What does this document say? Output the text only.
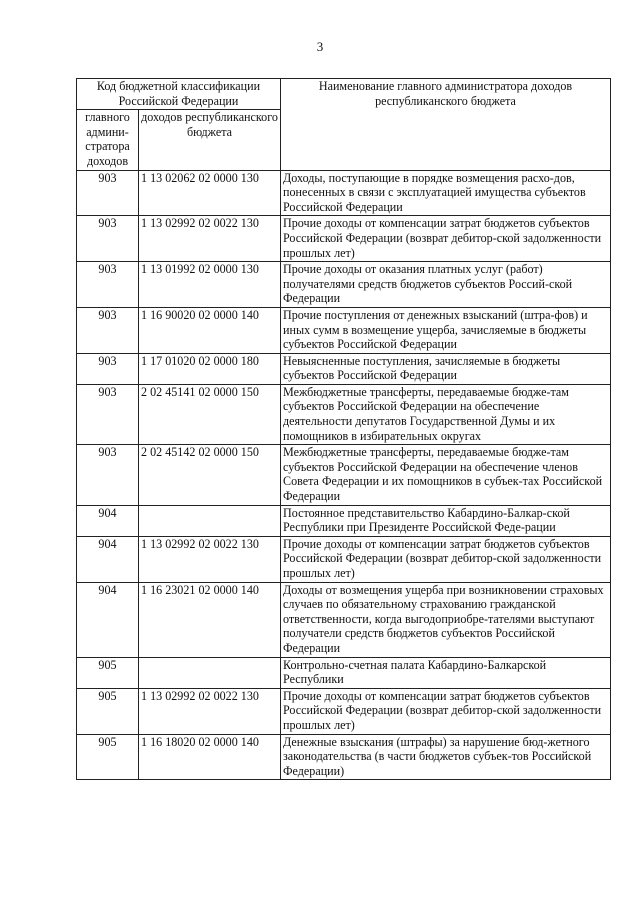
3
Код бюджетной классификации Российской Федерации		Наименование главного администратора доходов республиканского бюджета
главного админи-стратора доходов	доходов республиканского бюджета	
903	1 13 02062 02 0000 130	Доходы, поступающие в порядке возмещения расхо-дов, понесенных в связи с эксплуатацией имущества субъектов Российской Федерации
903	1 13 02992 02 0022 130	Прочие доходы от компенсации затрат бюджетов субъектов Российской Федерации (возврат дебитор-ской задолженности прошлых лет)
903	1 13 01992 02 0000 130	Прочие доходы от оказания платных услуг (работ) получателями средств бюджетов субъектов Россий-ской Федерации
903	1 16 90020 02 0000 140	Прочие поступления от денежных взысканий (штра-фов) и иных сумм в возмещение ущерба, зачисляемые в бюджеты субъектов Российской Федерации
903	1 17 01020 02 0000 180	Невыясненные поступления, зачисляемые в бюджеты субъектов Российской Федерации
903	2 02 45141 02 0000 150	Межбюджетные трансферты, передаваемые бюдже-там субъектов Российской Федерации на обеспечение деятельности депутатов Государственной Думы и их помощников в избирательных округах
903	2 02 45142 02 0000 150	Межбюджетные трансферты, передаваемые бюдже-там субъектов Российской Федерации на обеспечение членов Совета Федерации и их помощников в субъек-тах Российской Федерации
904		Постоянное представительство Кабардино-Балкар-ской Республики при Президенте Российской Феде-рации
904	1 13 02992 02 0022 130	Прочие доходы от компенсации затрат бюджетов субъектов Российской Федерации (возврат дебитор-ской задолженности прошлых лет)
904	1 16 23021 02 0000 140	Доходы от возмещения ущерба при возникновении страховых случаев по обязательному страхованию гражданской ответственности, когда выгодоприобре-тателями выступают получатели средств бюджетов субъектов Российской Федерации
905		Контрольно-счетная палата Кабардино-Балкарской Республики
905	1 13 02992 02 0022 130	Прочие доходы от компенсации затрат бюджетов субъектов Российской Федерации (возврат дебитор-ской задолженности прошлых лет)
905	1 16 18020 02 0000 140	Денежные взыскания (штрафы) за нарушение бюд-жетного законодательства (в части бюджетов субъек-тов Российской Федерации)
